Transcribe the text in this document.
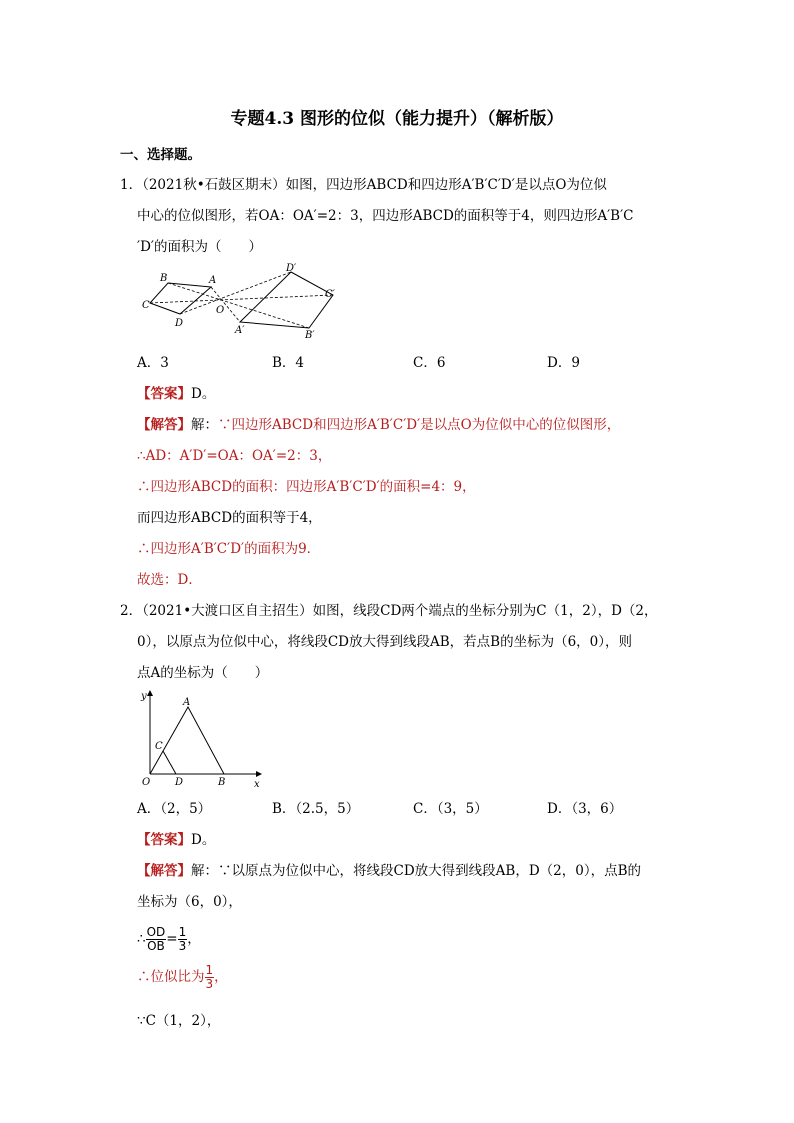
专题4.3 图形的位似（能力提升）（解析版）
一、选择题。
1．（2021秋•石鼓区期末）如图，四边形ABCD和四边形A′B′C′D′是以点O为位似
中心的位似图形，若OA：OA′=2：3，四边形ABCD的面积等于4，则四边形A′B′C
′D′的面积为（　　）
B	A
C
D
O
D′
C′
A′	B′
A．3	B．4	C．6	D．9
【答案】D。
【解答】解：∵四边形ABCD和四边形A′B′C′D′是以点O为位似中心的位似图形，
∴AD：A′D′=OA：OA′=2：3，
∴四边形ABCD的面积：四边形A′B′C′D′的面积=4：9，
而四边形ABCD的面积等于4，
∴四边形A′B′C′D′的面积为9．
故选：D．
2．（2021•大渡口区自主招生）如图，线段CD两个端点的坐标分别为C（1，2），D（2，
0），以原点为位似中心，将线段CD放大得到线段AB，若点B的坐标为（6，0），则
点A的坐标为（　　）
y
A
C
O D	B	x
A．（2，5）	B．（2.5，5）	C．（3，5）	D．（3，6）
【答案】D。
【解答】解：∵以原点为位似中心，将线段CD放大得到线段AB，D（2，0），点B的
坐标为（6，0），
∴ $\frac{OD}{OB} = \frac{1}{3}$ ，
∴位似比为 $\frac{1}{3}$ ，
∵C（1，2），
